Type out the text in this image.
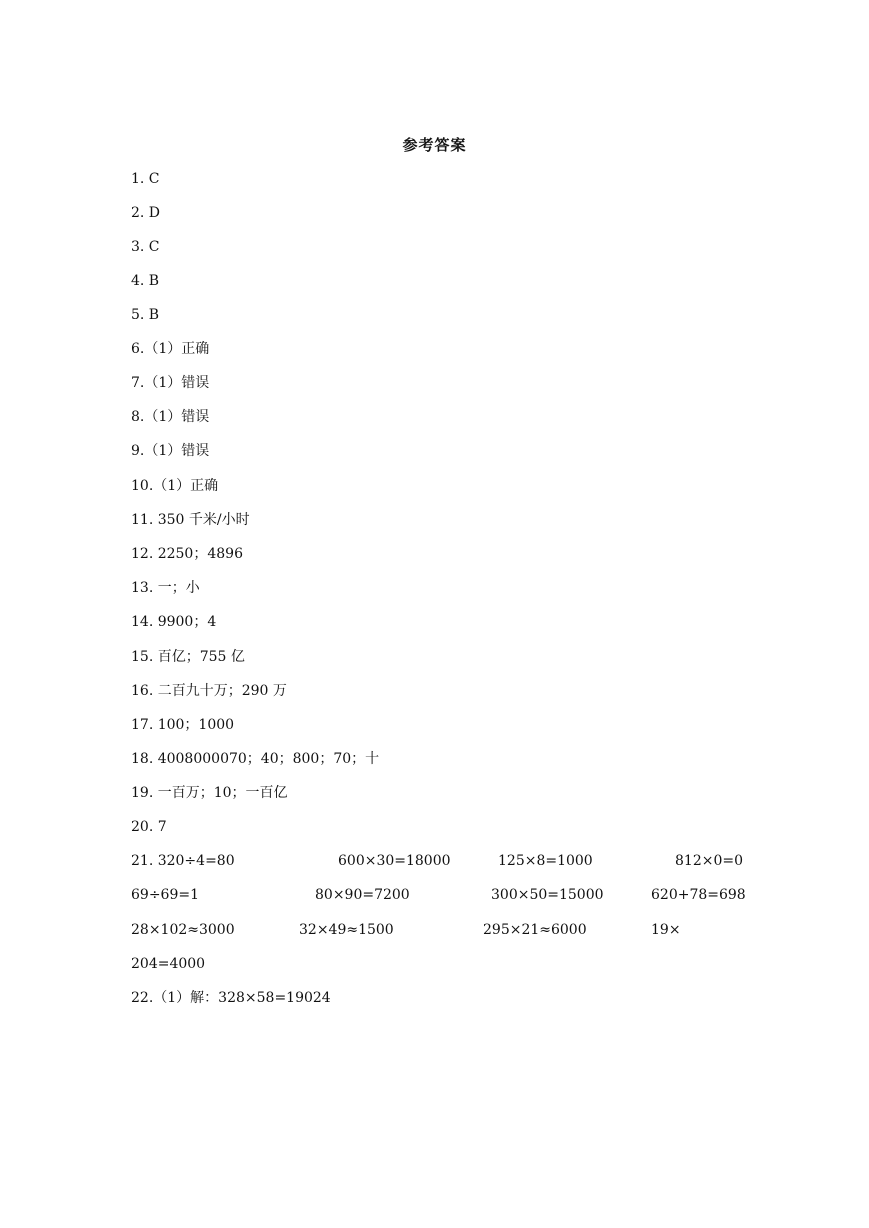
参考答案
1. C
2. D
3. C
4. B
5. B
6.（1）正确
7.（1）错误
8.（1）错误
9.（1）错误
10.（1）正确
11. 350 千米/小时
12. 2250；4896
13. 一；小
14. 9900；4
15. 百亿；755 亿
16. 二百九十万；290 万
17. 100；1000
18. 4008000070；40；800；70；十
19. 一百万；10；一百亿
20. 7
21. 320÷4=80	600×30=18000	125×8=1000	812×0=0
69÷69=1	80×90=7200	300×50=15000	620+78=698
28×102≈3000	32×49≈1500	295×21≈6000	19×
204=4000
22.（1）解：328×58=19024
